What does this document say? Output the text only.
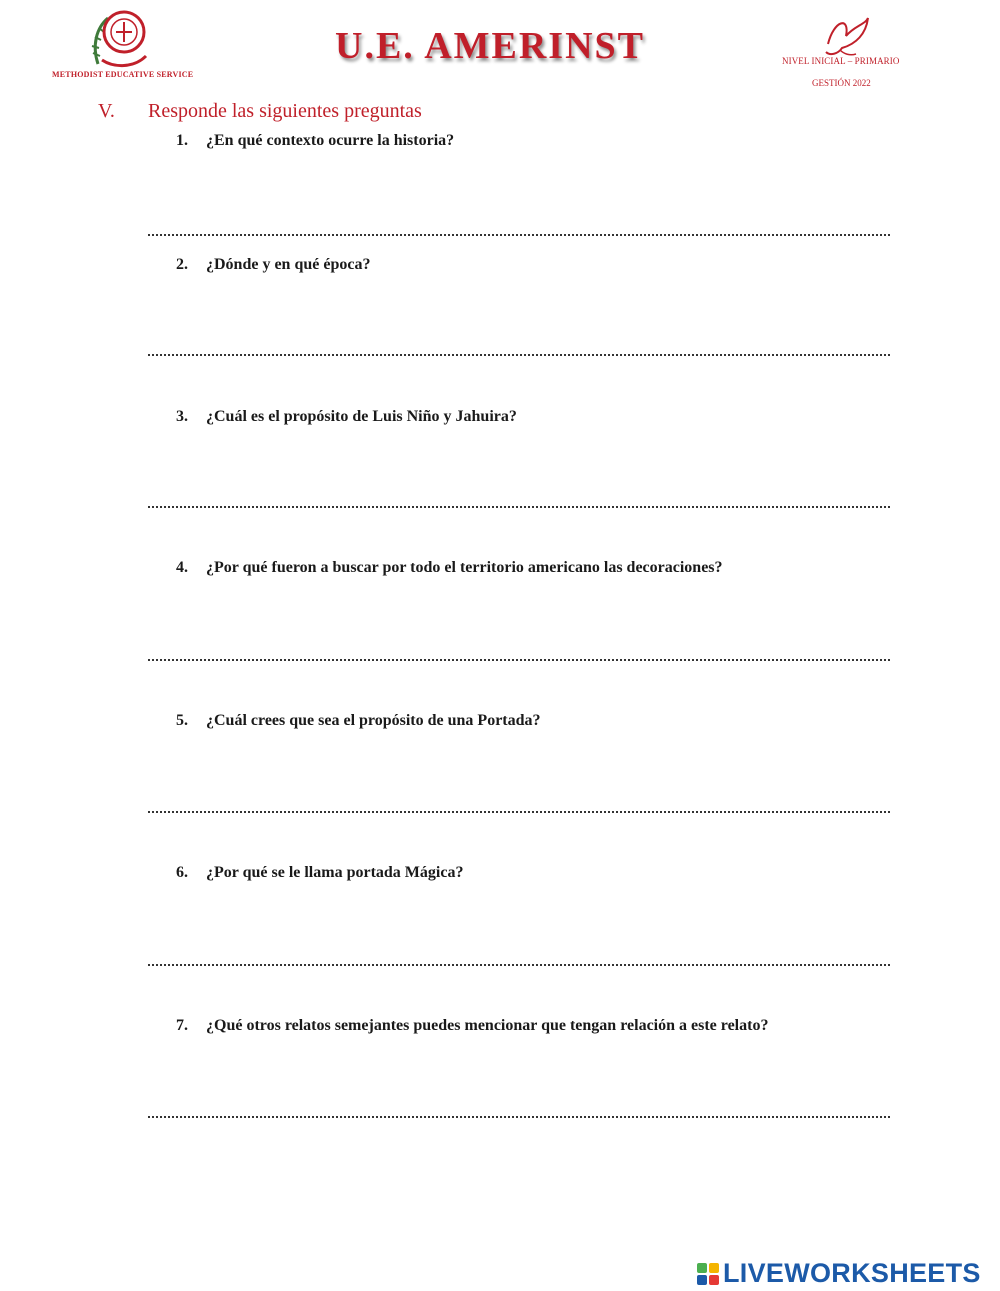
METHODIST EDUCATIVE SERVICE
U.E. AMERINST	NIVEL INICIAL – PRIMARIO
GESTIÓN 2022
V. Responde las siguientes preguntas
1. ¿En qué contexto ocurre la historia?
2. ¿Dónde y en qué época?
3. ¿Cuál es el propósito de Luis Niño y Jahuira?
4. ¿Por qué fueron a buscar por todo el territorio americano las decoraciones?
5. ¿Cuál crees que sea el propósito de una Portada?
6. ¿Por qué se le llama portada Mágica?
7. ¿Qué otros relatos semejantes puedes mencionar que tengan relación a este relato?
LIVEWORKSHEETS
